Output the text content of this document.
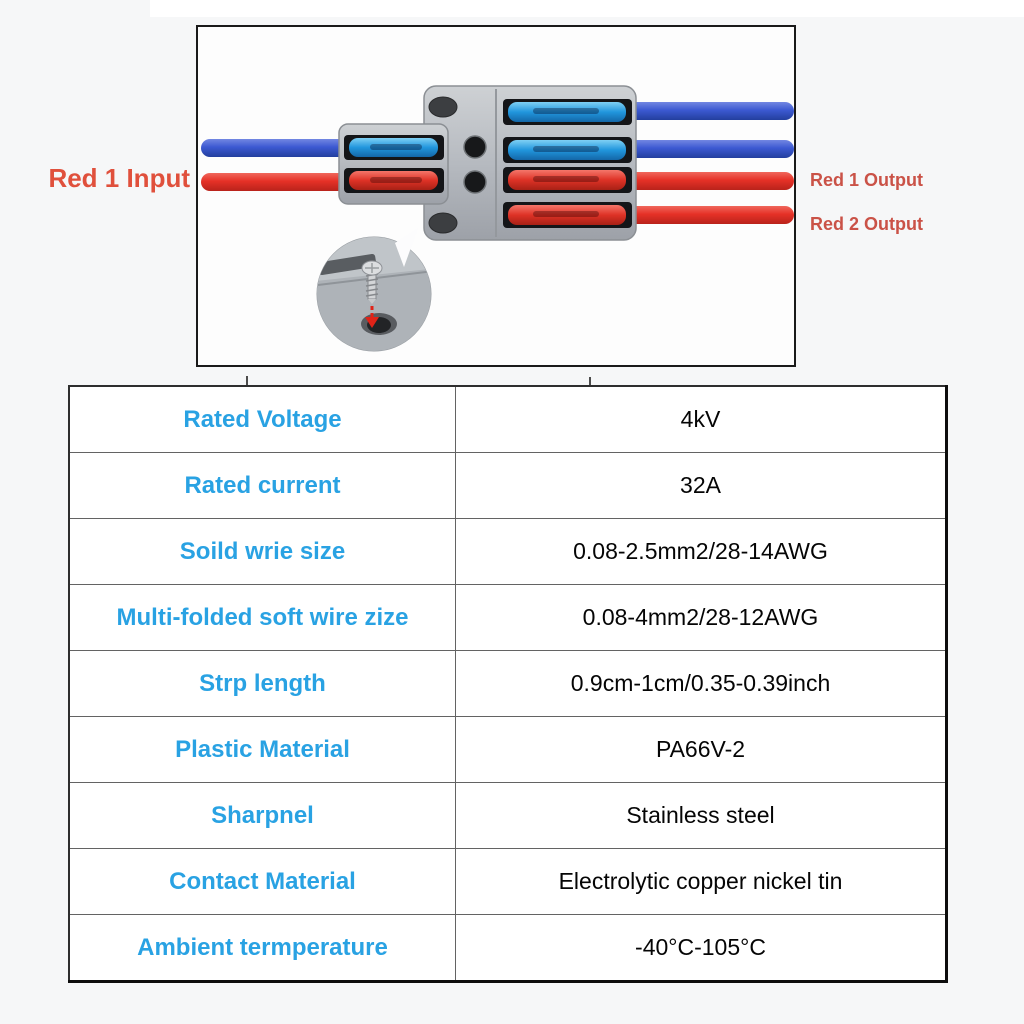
Red 1 Input	Red 1 Output
Red 2 Output
Rated Voltage	4kV
Rated current	32A
Soild wrie size	0.08-2.5mm2/28-14AWG
Multi-folded soft wire zize	0.08-4mm2/28-12AWG
Strp length	0.9cm-1cm/0.35-0.39inch
Plastic Material	PA66V-2
Sharpnel	Stainless steel
Contact Material	Electrolytic copper nickel tin
Ambient termperature	-40°C-105°C
